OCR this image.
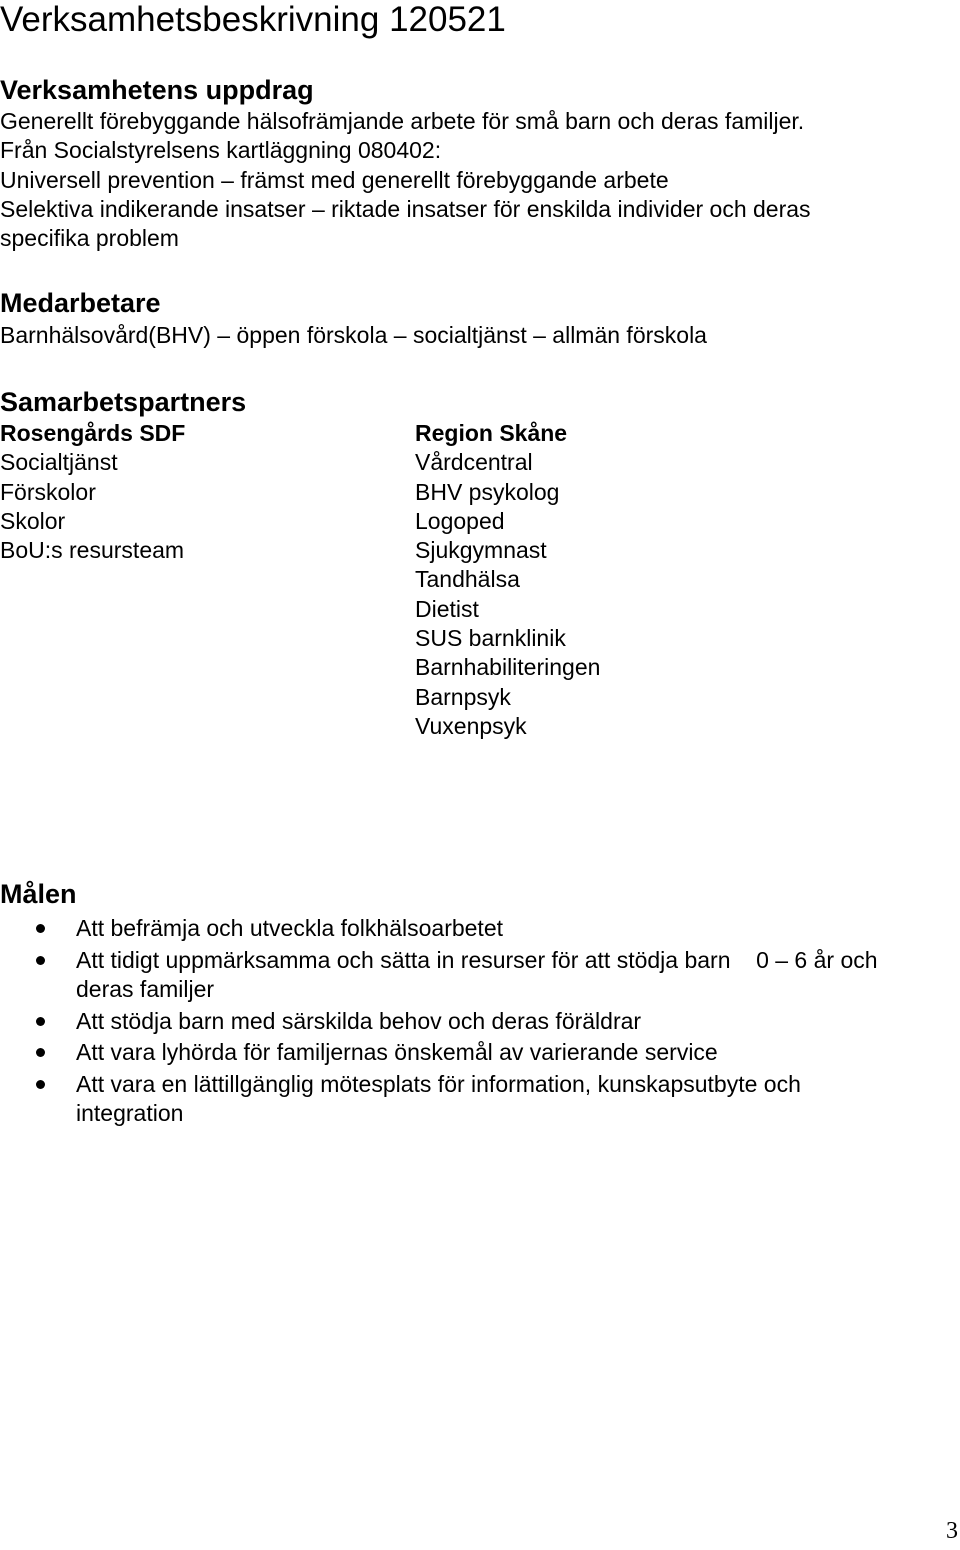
Verksamhetsbeskrivning 120521
Verksamhetens uppdrag
Generellt förebyggande hälsofrämjande arbete för små barn och deras familjer.
Från Socialstyrelsens kartläggning 080402:
Universell prevention – främst med generellt förebyggande arbete
Selektiva indikerande insatser – riktade insatser för enskilda individer och deras
specifika problem
Medarbetare
Barnhälsovård(BHV) – öppen förskola – socialtjänst – allmän förskola
Samarbetspartners
Rosengårds SDF
Socialtjänst
Förskolor
Skolor
BoU:s resursteam
Region Skåne
Vårdcentral
BHV psykolog
Logoped
Sjukgymnast
Tandhälsa
Dietist
SUS barnklinik
Barnhabiliteringen
Barnpsyk
Vuxenpsyk
Målen
Att befrämja och utveckla folkhälsoarbetet
Att tidigt uppmärksamma och sätta in resurser för att stödja barn    0 – 6 år och
deras familjer
Att stödja barn med särskilda behov och deras föräldrar
Att vara lyhörda för familjernas önskemål av varierande service
Att vara en lättillgänglig mötesplats för information, kunskapsutbyte och
integration
3
